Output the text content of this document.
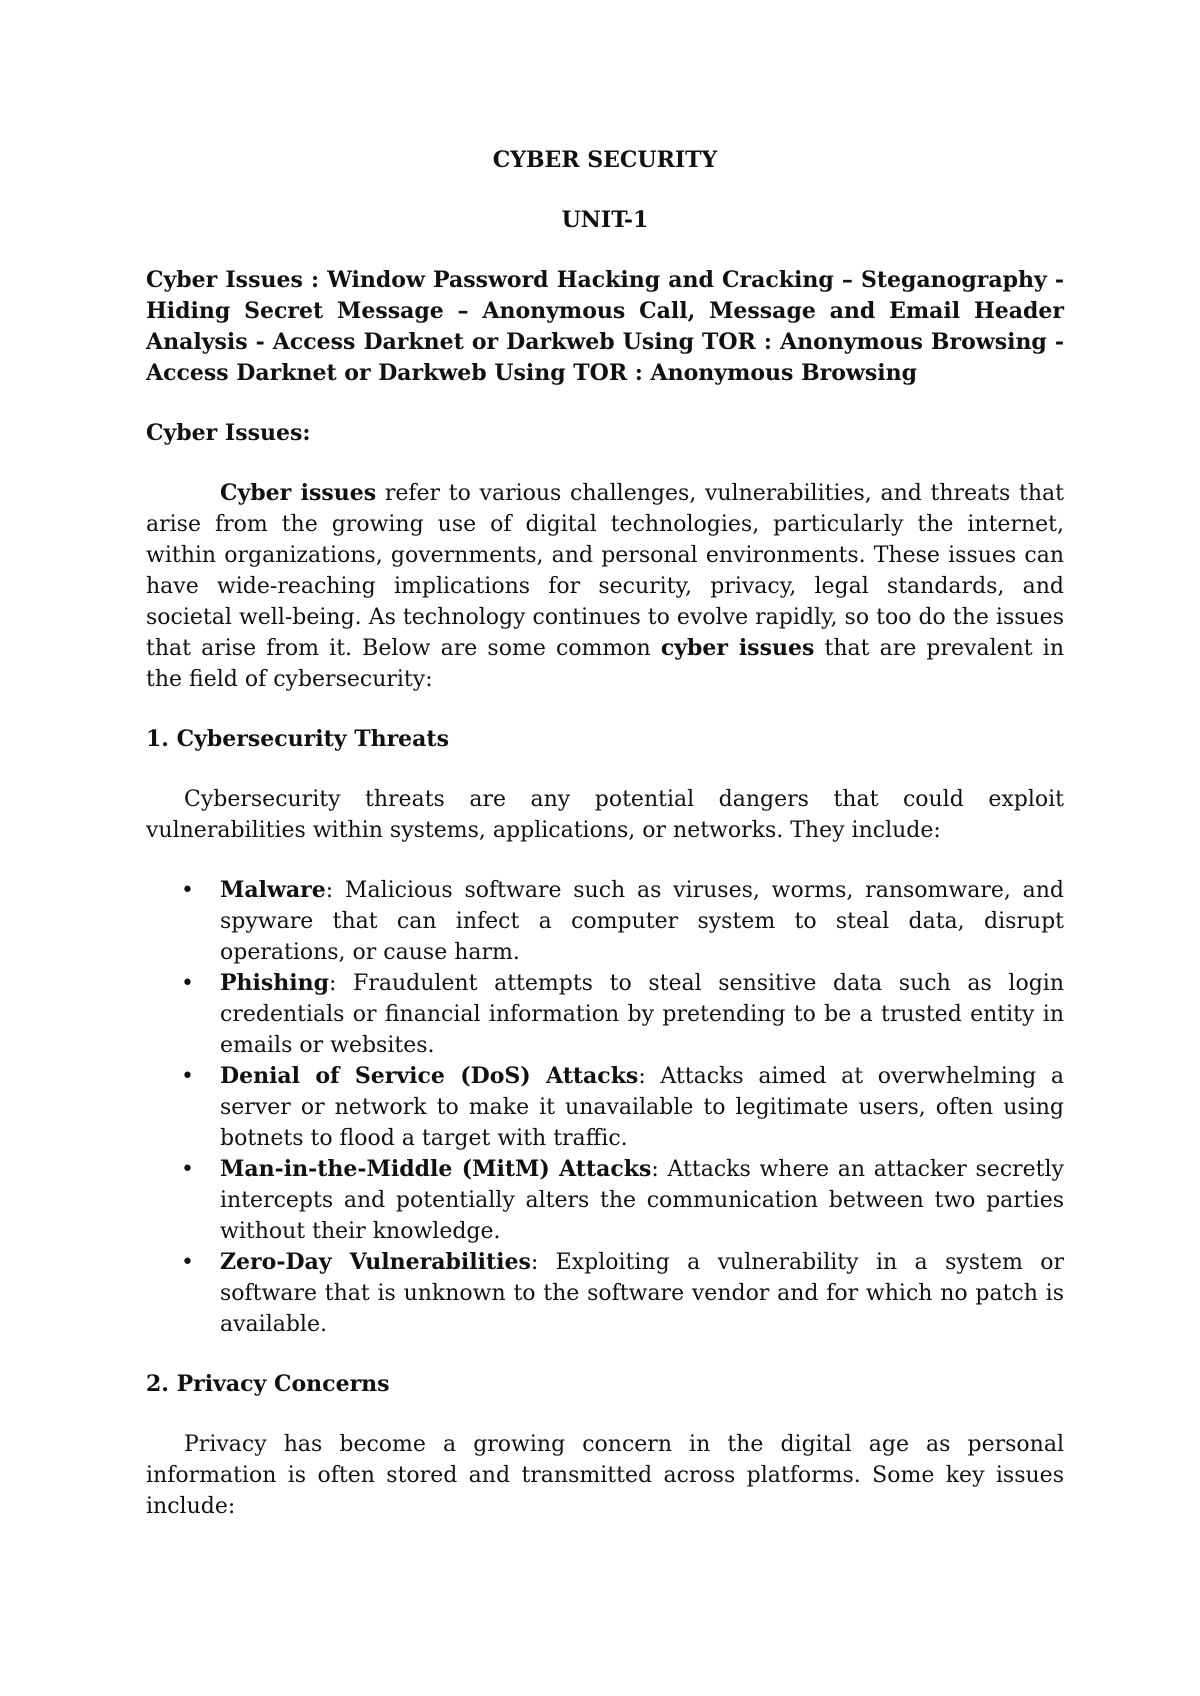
CYBER SECURITY
UNIT-1
Cyber Issues : Window Password Hacking and Cracking – Steganography - Hiding Secret Message – Anonymous Call, Message and Email Header Analysis - Access Darknet or Darkweb Using TOR : Anonymous Browsing - Access Darknet or Darkweb Using TOR : Anonymous Browsing
Cyber Issues:

Cyber issues refer to various challenges, vulnerabilities, and threats that arise from the growing use of digital technologies, particularly the internet, within organizations, governments, and personal environments. These issues can have wide-reaching implications for security, privacy, legal standards, and societal well-being. As technology continues to evolve rapidly, so too do the issues that arise from it. Below are some common cyber issues that are prevalent in the field of cybersecurity:

1. Cybersecurity Threats

Cybersecurity threats are any potential dangers that could exploit vulnerabilities within systems, applications, or networks. They include:

• Malware: Malicious software such as viruses, worms, ransomware, and spyware that can infect a computer system to steal data, disrupt operations, or cause harm.
• Phishing: Fraudulent attempts to steal sensitive data such as login credentials or financial information by pretending to be a trusted entity in emails or websites.
• Denial of Service (DoS) Attacks: Attacks aimed at overwhelming a server or network to make it unavailable to legitimate users, often using botnets to flood a target with traffic.
• Man-in-the-Middle (MitM) Attacks: Attacks where an attacker secretly intercepts and potentially alters the communication between two parties without their knowledge.
• Zero-Day Vulnerabilities: Exploiting a vulnerability in a system or software that is unknown to the software vendor and for which no patch is available.
2. Privacy Concerns

Privacy has become a growing concern in the digital age as personal information is often stored and transmitted across platforms. Some key issues include:
